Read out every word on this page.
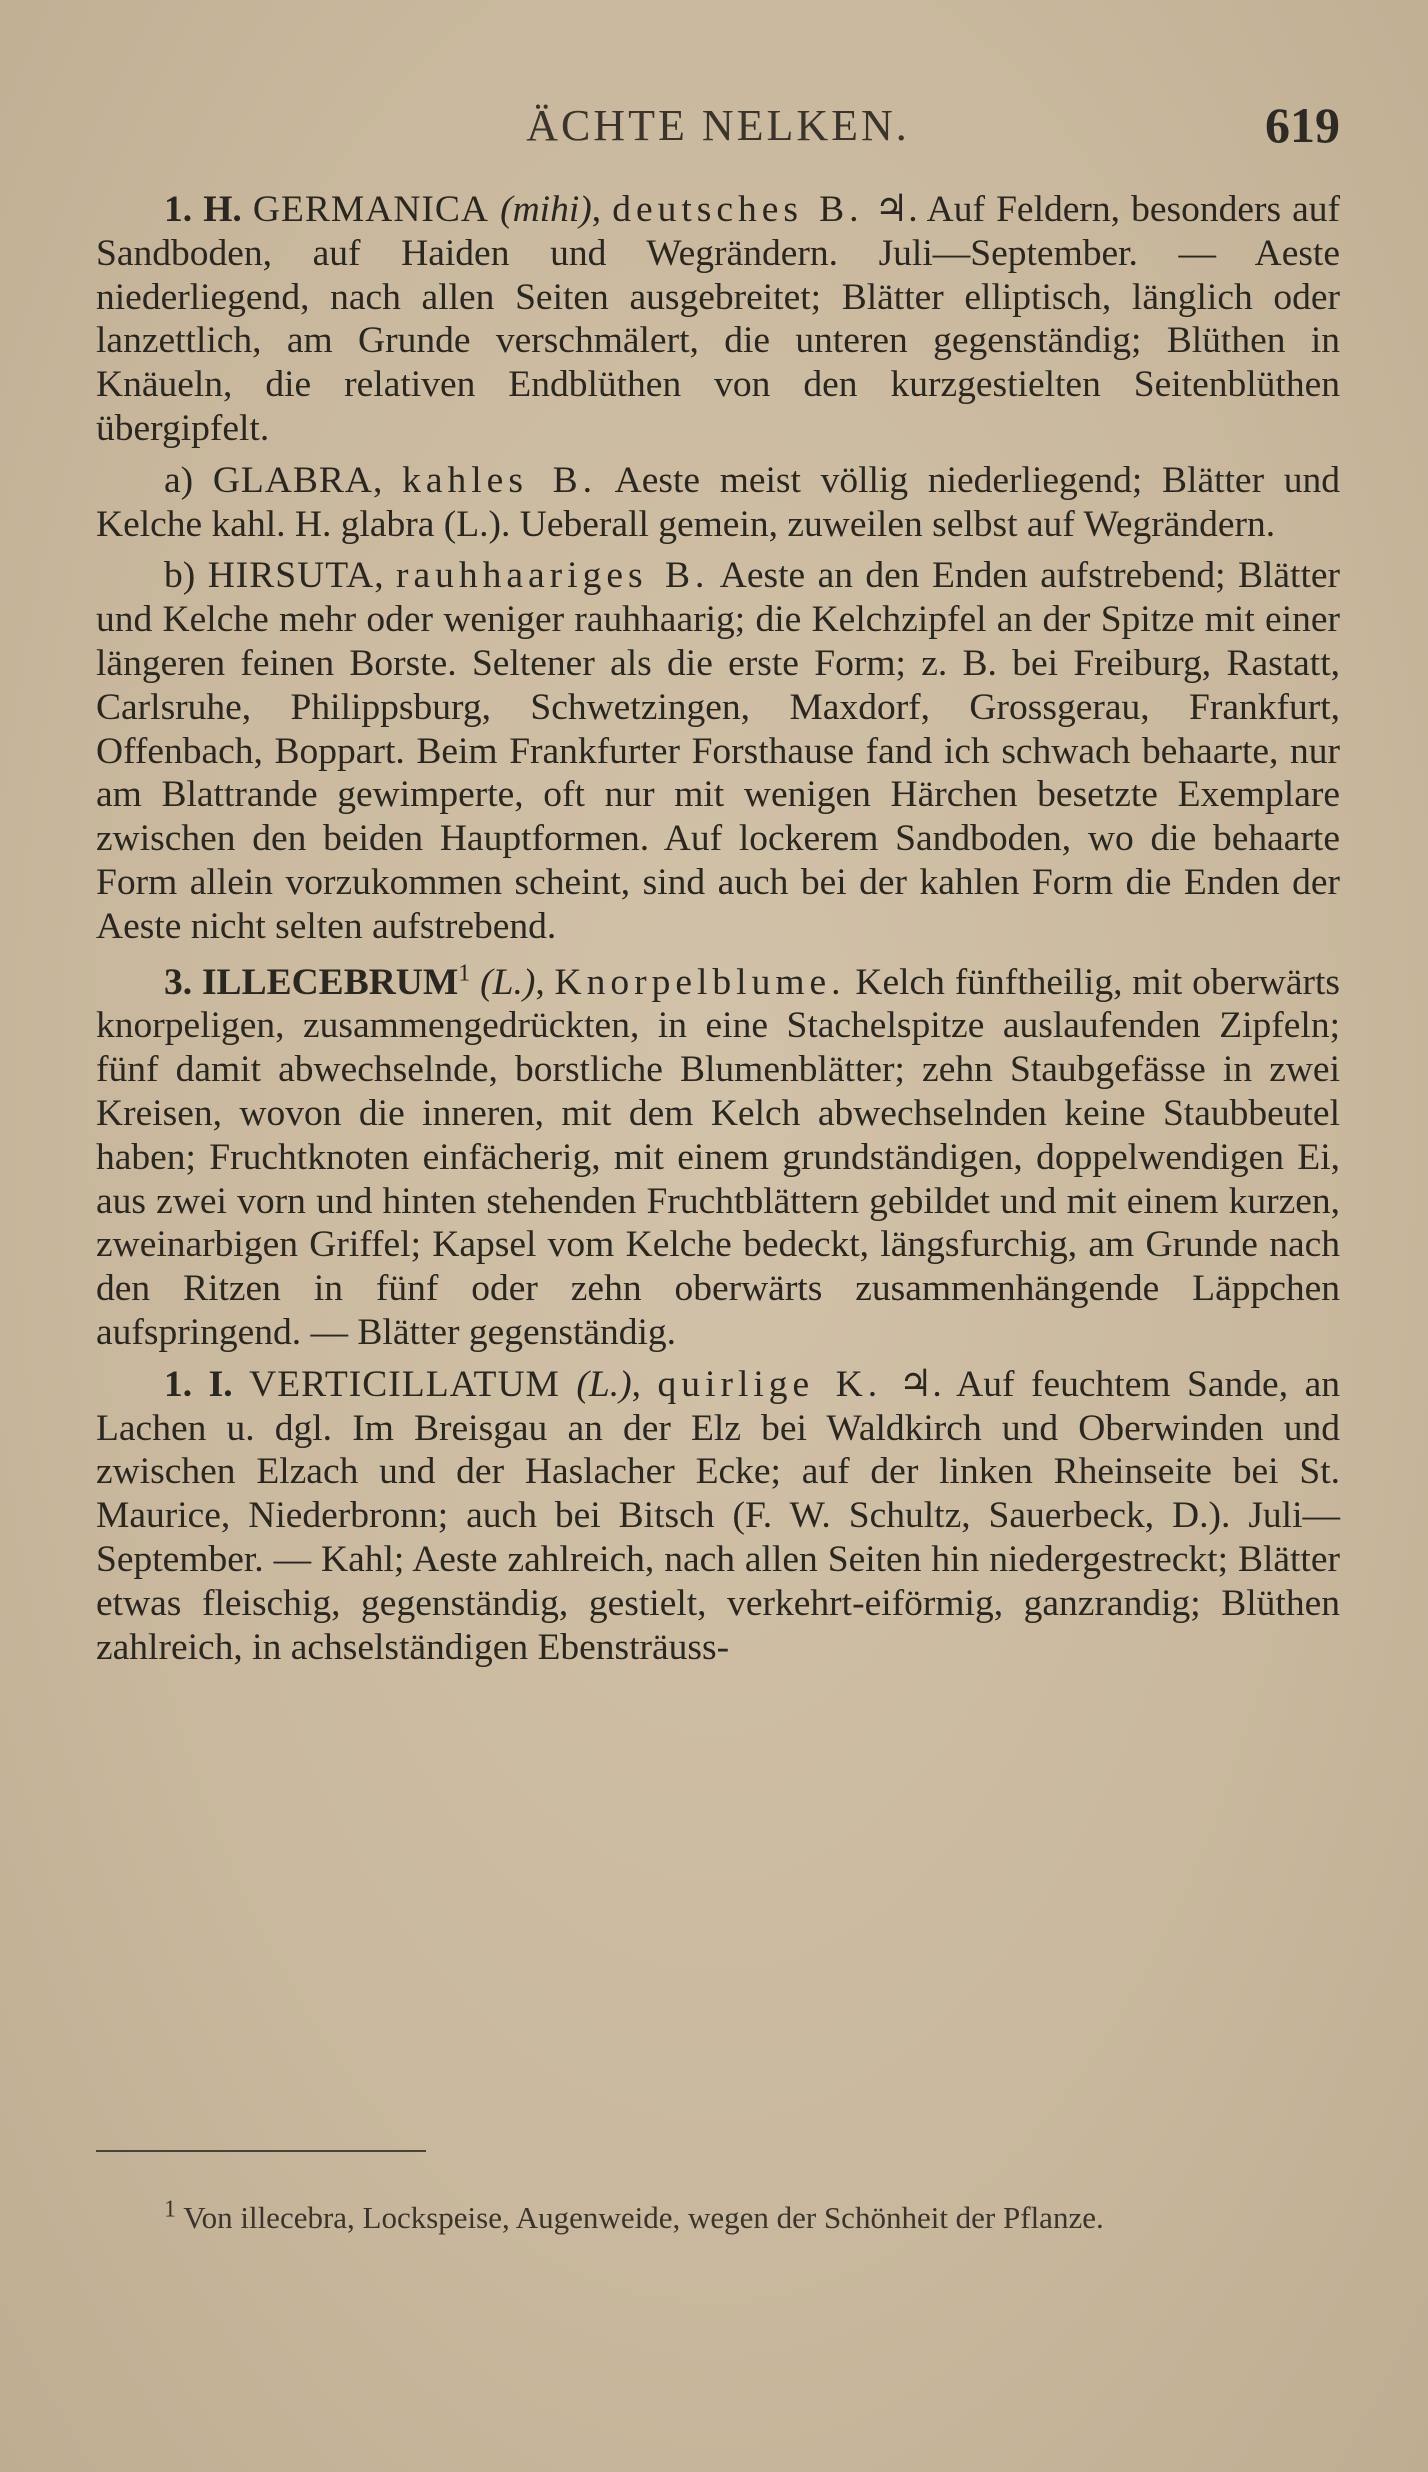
ÄCHTE NELKEN.	619

1. H. GERMANICA (mihi), deutsches B. ♃. Auf Feldern, besonders auf Sandboden, auf Haiden und Wegrändern. Juli—September. — Aeste niederliegend, nach allen Seiten ausgebreitet; Blätter elliptisch, länglich oder lanzettlich, am Grunde verschmälert, die unteren gegenständig; Blüthen in Knäueln, die relativen Endblüthen von den kurzgestielten Seitenblüthen übergipfelt.

a) GLABRA, kahles B. Aeste meist völlig niederliegend; Blätter und Kelche kahl. H. glabra (L.). Ueberall gemein, zuweilen selbst auf Wegrändern.

b) HIRSUTA, rauhhaariges B. Aeste an den Enden aufstrebend; Blätter und Kelche mehr oder weniger rauhhaarig; die Kelchzipfel an der Spitze mit einer längeren feinen Borste. Seltener als die erste Form; z. B. bei Freiburg, Rastatt, Carlsruhe, Philippsburg, Schwetzingen, Maxdorf, Grossgerau, Frankfurt, Offenbach, Boppart. Beim Frankfurter Forsthause fand ich schwach behaarte, nur am Blattrande gewimperte, oft nur mit wenigen Härchen besetzte Exemplare zwischen den beiden Hauptformen. Auf lockerem Sandboden, wo die behaarte Form allein vorzukommen scheint, sind auch bei der kahlen Form die Enden der Aeste nicht selten aufstrebend.

3. ILLECEBRUM$^1$ (L.), Knorpelblume. Kelch fünftheilig, mit oberwärts knorpeligen, zusammengedrückten, in eine Stachelspitze auslaufenden Zipfeln; fünf damit abwechselnde, borstliche Blumenblätter; zehn Staubgefässe in zwei Kreisen, wovon die inneren, mit dem Kelch abwechselnden keine Staubbeutel haben; Fruchtknoten einfächerig, mit einem grundständigen, doppelwendigen Ei, aus zwei vorn und hinten stehenden Fruchtblättern gebildet und mit einem kurzen, zweinarbigen Griffel; Kapsel vom Kelche bedeckt, längsfurchig, am Grunde nach den Ritzen in fünf oder zehn oberwärts zusammenhängende Läppchen aufspringend. — Blätter gegenständig.

1. I. VERTICILLATUM (L.), quirlige K. ♃. Auf feuchtem Sande, an Lachen u. dgl. Im Breisgau an der Elz bei Waldkirch und Oberwinden und zwischen Elzach und der Haslacher Ecke; auf der linken Rheinseite bei St. Maurice, Niederbronn; auch bei Bitsch (F. W. Schultz, Sauerbeck, D.). Juli—September. — Kahl; Aeste zahlreich, nach allen Seiten hin niedergestreckt; Blätter etwas fleischig, gegenständig, gestielt, verkehrt-eiförmig, ganzrandig; Blüthen zahlreich, in achselständigen Ebensträuss-

$^1$ Von illecebra, Lockspeise, Augenweide, wegen der Schönheit der Pflanze.
